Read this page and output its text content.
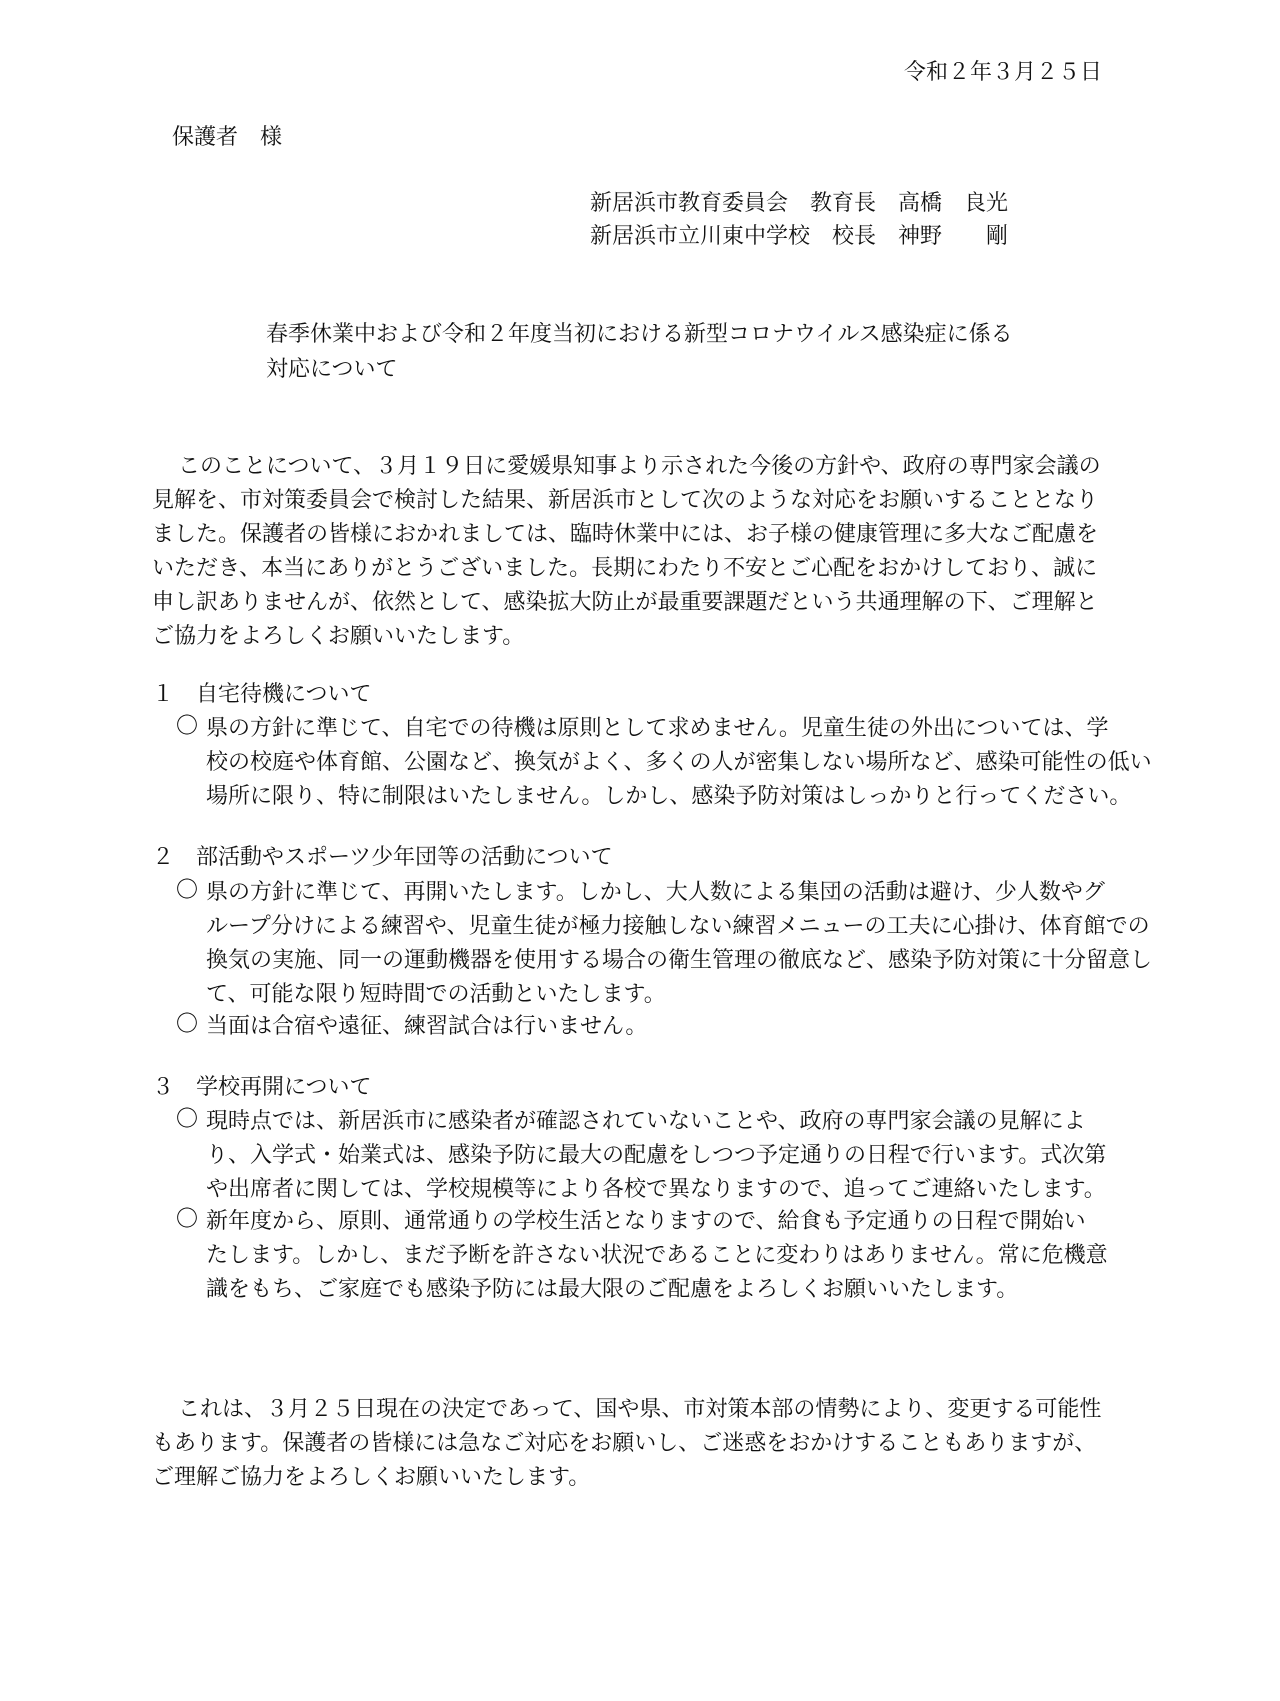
令和２年３月２５日
保護者　様
新居浜市教育委員会　教育長　高橋　良光
新居浜市立川東中学校　校長　神野　　剛
春季休業中および令和２年度当初における新型コロナウイルス感染症に係る
対応について
このことについて、３月１９日に愛媛県知事より示された今後の方針や、政府の専門家会議の
見解を、市対策委員会で検討した結果、新居浜市として次のような対応をお願いすることとなり
ました。保護者の皆様におかれましては、臨時休業中には、お子様の健康管理に多大なご配慮を
いただき、本当にありがとうございました。長期にわたり不安とご心配をおかけしており、誠に
申し訳ありませんが、依然として、感染拡大防止が最重要課題だという共通理解の下、ご理解と
ご協力をよろしくお願いいたします。
１　自宅待機について
〇 県の方針に準じて、自宅での待機は原則として求めません。児童生徒の外出については、学
校の校庭や体育館、公園など、換気がよく、多くの人が密集しない場所など、感染可能性の低い
場所に限り、特に制限はいたしません。しかし、感染予防対策はしっかりと行ってください。
２　部活動やスポーツ少年団等の活動について
〇 県の方針に準じて、再開いたします。しかし、大人数による集団の活動は避け、少人数やグ
ループ分けによる練習や、児童生徒が極力接触しない練習メニューの工夫に心掛け、体育館での
換気の実施、同一の運動機器を使用する場合の衛生管理の徹底など、感染予防対策に十分留意し
て、可能な限り短時間での活動といたします。
〇 当面は合宿や遠征、練習試合は行いません。
３　学校再開について
〇 現時点では、新居浜市に感染者が確認されていないことや、政府の専門家会議の見解によ
り、入学式・始業式は、感染予防に最大の配慮をしつつ予定通りの日程で行います。式次第
や出席者に関しては、学校規模等により各校で異なりますので、追ってご連絡いたします。
〇 新年度から、原則、通常通りの学校生活となりますので、給食も予定通りの日程で開始い
たします。しかし、まだ予断を許さない状況であることに変わりはありません。常に危機意
識をもち、ご家庭でも感染予防には最大限のご配慮をよろしくお願いいたします。
これは、３月２５日現在の決定であって、国や県、市対策本部の情勢により、変更する可能性
もあります。保護者の皆様には急なご対応をお願いし、ご迷惑をおかけすることもありますが、
ご理解ご協力をよろしくお願いいたします。
